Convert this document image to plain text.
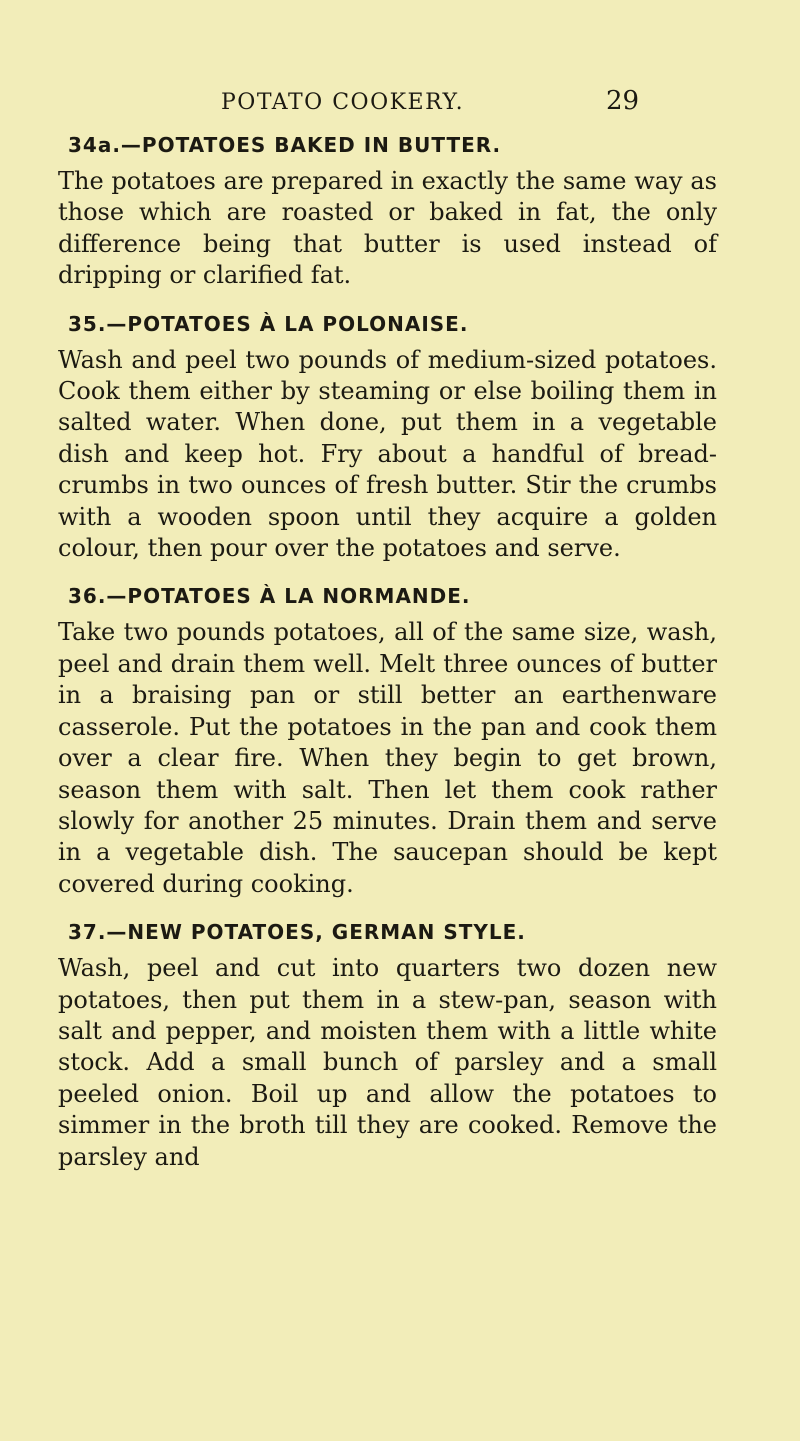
POTATO COOKERY.	29
34a.—POTATOES BAKED IN BUTTER.

The potatoes are prepared in exactly the same way as those which are roasted or baked in fat, the only difference being that butter is used instead of dripping or clarified fat.

35.—POTATOES À LA POLONAISE.

Wash and peel two pounds of medium-sized potatoes. Cook them either by steaming or else boiling them in salted water. When done, put them in a vegetable dish and keep hot. Fry about a handful of bread-crumbs in two ounces of fresh butter. Stir the crumbs with a wooden spoon until they acquire a golden colour, then pour over the potatoes and serve.

36.—POTATOES À LA NORMANDE.

Take two pounds potatoes, all of the same size, wash, peel and drain them well. Melt three ounces of butter in a braising pan or still better an earthenware casserole. Put the potatoes in the pan and cook them over a clear fire. When they begin to get brown, season them with salt. Then let them cook rather slowly for another 25 minutes. Drain them and serve in a vegetable dish. The saucepan should be kept covered during cooking.

37.—NEW POTATOES, GERMAN STYLE.

Wash, peel and cut into quarters two dozen new potatoes, then put them in a stew-pan, season with salt and pepper, and moisten them with a little white stock. Add a small bunch of parsley and a small peeled onion. Boil up and allow the potatoes to simmer in the broth till they are cooked. Remove the parsley and
